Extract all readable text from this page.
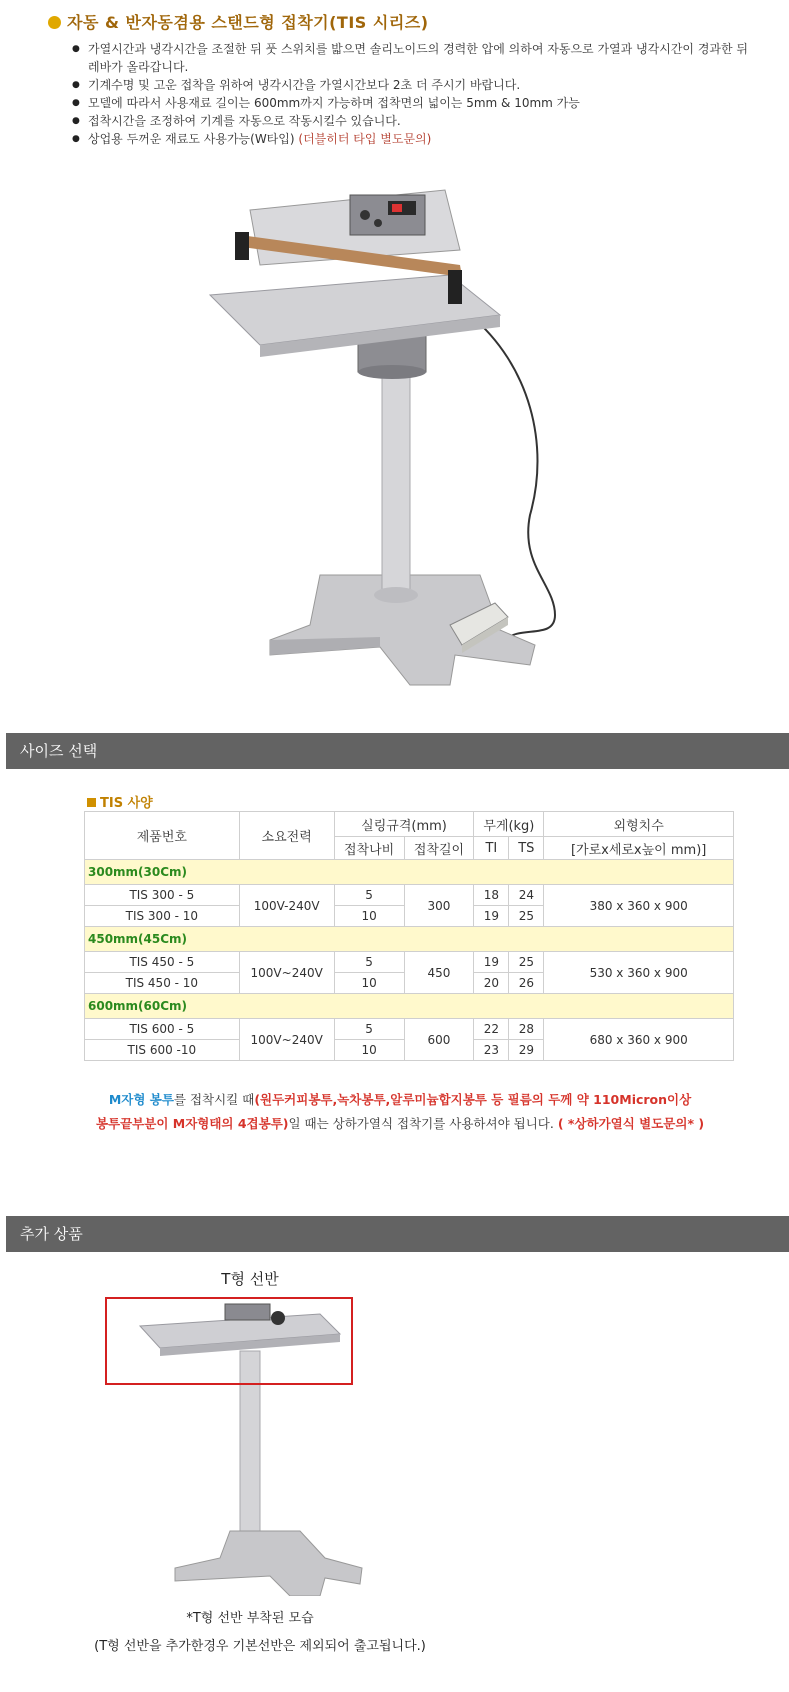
자동 & 반자동겸용 스탠드형 접착기(TIS 시리즈)
● 가열시간과 냉각시간을 조절한 뒤 풋 스위치를 밟으면 솔리노이드의 경력한 압에 의하여 자동으로 가열과 냉각시간이 경과한 뒤 레바가 올라갑니다.
● 기계수명 및 고운 접착을 위하여 냉각시간을 가열시간보다 2초 더 주시기 바랍니다.
● 모델에 따라서 사용재료 길이는 600mm까지 가능하며 접착면의 넓이는 5mm & 10mm 가능
● 접착시간을 조정하여 기계를 자동으로 작동시킬수 있습니다.
● 상업용 두꺼운 재료도 사용가능(W타입) (더블히터 타입 별도문의)
사이즈 선택
TIS 사양
제품번호	소요전력	실링규격(mm)		무게(kg)		외형치수
		접착나비	접착길이	TI	TS	[가로x세로x높이 mm)]
300mm(30Cm)						
TIS 300 - 5	100V-240V	5	300	18	24	380 x 360 x 900
TIS 300 - 10		10		19	25	
450mm(45Cm)						
TIS 450 - 5	100V~240V	5	450	19	25	530 x 360 x 900
TIS 450 - 10		10		20	26	
600mm(60Cm)						
TIS 600 - 5	100V~240V	5	600	22	28	680 x 360 x 900
TIS 600 -10		10		23	29	
M자형 봉투를 접착시킬 때(원두커피봉투,녹차봉투,알루미늄합지봉투 등 필름의 두께 약 110Micron이상
봉투끝부분이 M자형태의 4겹봉투)일 때는 상하가열식 접착기를 사용하셔야 됩니다. ( *상하가열식 별도문의* )
추가 상품
T형 선반
*T형 선반 부착된 모습
(T형 선반을 추가한경우 기본선반은 제외되어 출고됩니다.)
